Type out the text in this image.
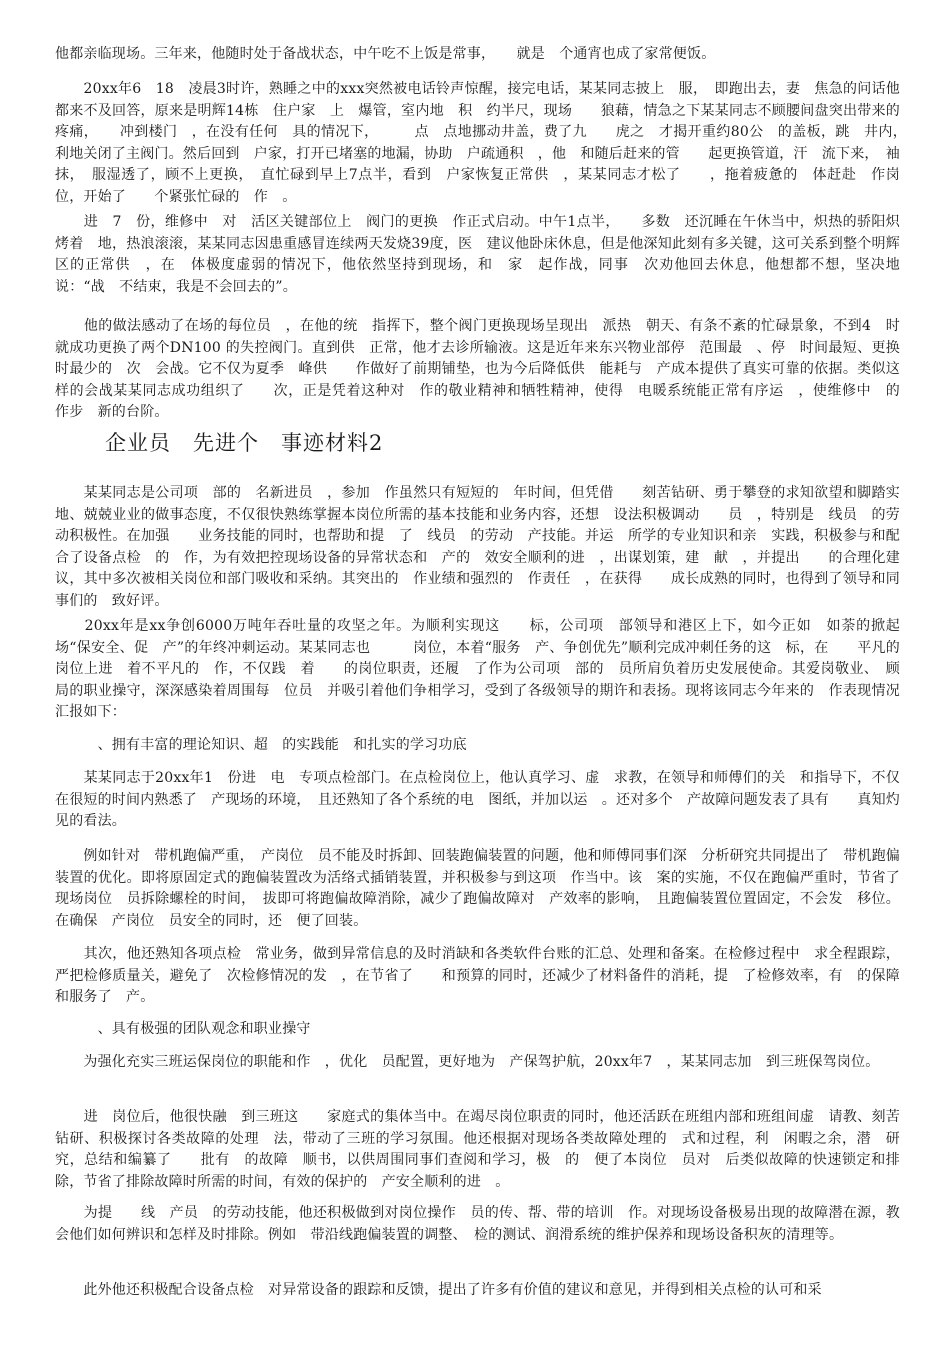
他都亲临现场。三年来，他随时处于备战状态，中午吃不上饭是常事，　　就是　个通宵也成了家常便饭。

　　20xx年6　18　凌晨3时许，熟睡之中的xxx突然被电话铃声惊醒，接完电话，某某同志披上　服，　即跑出去，妻　焦急的问话他都来不及回答，原来是明辉14栋　住户家　上　爆管，室内地　积　约半尺，现场　　狼藉，情急之下某某同志不顾腰间盘突出带来的疼痛，　　冲到楼门　，在没有任何　具的情况下，　　　点　点地挪动井盖，费了九　　虎之　才揭开重约80公　的盖板，跳　井内，　利地关闭了主阀门。然后回到　户家，打开已堵塞的地漏，协助　户疏通积　，他　和随后赶来的管　　起更换管道，汗　流下来，　袖　抹，　服湿透了，顾不上更换，　直忙碌到早上7点半，看到　户家恢复正常供　，某某同志才松了　　，拖着疲惫的　体赶赴　作岗位，开始了　　个紧张忙碌的　作　。

　　进　7　份，维修中　对　活区关键部位上　阀门的更换　作正式启动。中午1点半，　　多数　还沉睡在午休当中，炽热的骄阳炽烤着　地，热浪滚滚，某某同志因患重感冒连续两天发烧39度，医　建议他卧床休息，但是他深知此刻有多关键，这可关系到整个明辉区的正常供　，在　体极度虚弱的情况下，他依然坚持到现场，和　家　起作战，同事　次劝他回去休息，他想都不想，坚决地说：“战　不结束，我是不会回去的”。

　　他的做法感动了在场的每位员　，在他的统　指挥下，整个阀门更换现场呈现出　派热　朝天、有条不紊的忙碌景象，不到4　时就成功更换了两个DN100 的失控阀门。直到供　正常，他才去诊所输液。这是近年来东兴物业部停　范围最　、停　时间最短、更换　时最少的　次　会战。它不仅为夏季　峰供　　作做好了前期铺垫，也为今后降低供　能耗与　产成本提供了真实可靠的依据。类似这样的会战某某同志成功组织了　　次，正是凭着这种对　作的敬业精神和牺牲精神，使得　电暖系统能正常有序运　，使维修中　的　作步　新的台阶。

企业员　先进个　事迹材料2

　　某某同志是公司项　部的　名新进员　，参加　作虽然只有短短的　年时间，但凭借　　刻苦钻研、勇于攀登的求知欲望和脚踏实地、兢兢业业的做事态度，不仅很快熟练掌握本岗位所需的基本技能和业务内容，还想　设法积极调动　　员　，特别是　线员　的劳动积极性。在加强　　业务技能的同时，也帮助和提　了　线员　的劳动　产技能。并运　所学的专业知识和亲　实践，积极参与和配合了设备点检　的　作，为有效把控现场设备的异常状态和　产的　效安全顺利的进　，出谋划策，建　献　，并提出　　的合理化建议，其中多次被相关岗位和部门吸收和采纳。其突出的　作业绩和强烈的　作责任　，在获得　　成长成熟的同时，也得到了领导和同事们的　致好评。

　　20xx年是xx争创6000万吨年吞吐量的攻坚之年。为顺利实现这　　标，公司项　部领导和港区上下，如今正如　如荼的掀起　场“保安全、促　产”的年终冲刺运动。某某同志也　　　岗位，本着“服务　产、争创优先”顺利完成冲刺任务的这　标，在　　平凡的岗位上进　着不平凡的　作，不仅践　着　　的岗位职责，还履　了作为公司项　部的　员所肩负着历史发展使命。其爱岗敬业、　顾　局的职业操守，深深感染着周围每　位员　并吸引着他们争相学习，受到了各级领导的期许和表扬。现将该同志今年来的　作表现情况汇报如下：

　　　、拥有丰富的理论知识、超　的实践能　和扎实的学习功底

　　某某同志于20xx年1　份进　电　专项点检部门。在点检岗位上，他认真学习、虚　求教，在领导和师傅们的关　和指导下，不仅在很短的时间内熟悉了　产现场的环境，　且还熟知了各个系统的电　图纸，并加以运　。还对多个　产故障问题发表了具有　　真知灼见的看法。

　　例如针对　带机跑偏严重，　产岗位　员不能及时拆卸、回装跑偏装置的问题，他和师傅同事们深　分析研究共同提出了　带机跑偏装置的优化。即将原固定式的跑偏装置改为活络式插销装置，并积极参与到这项　作当中。该　案的实施，不仅在跑偏严重时，节省了现场岗位　员拆除螺栓的时间，　拔即可将跑偏故障消除，减少了跑偏故障对　产效率的影响，　且跑偏装置位置固定，不会发　移位。在确保　产岗位　员安全的同时，还　便了回装。

　　其次，他还熟知各项点检　常业务，做到异常信息的及时消缺和各类软件台账的汇总、处理和备案。在检修过程中　求全程跟踪，严把检修质量关，避免了　次检修情况的发　，在节省了　　和预算的同时，还减少了材料备件的消耗，提　了检修效率，有　的保障和服务了　产。

　　　、具有极强的团队观念和职业操守

　　为强化充实三班运保岗位的职能和作　，优化　员配置，更好地为　产保驾护航，20xx年7　，某某同志加　到三班保驾岗位。

　　进　岗位后，他很快融　到三班这　　家庭式的集体当中。在竭尽岗位职责的同时，他还活跃在班组内部和班组间虚　请教、刻苦钻研、积极探讨各类故障的处理　法，带动了三班的学习氛围。他还根据对现场各类故障处理的　式和过程，利　闲暇之余，潜　研究，总结和编纂了　　批有　的故障　顺书，以供周围同事们查阅和学习，极　的　便了本岗位　员对　后类似故障的快速锁定和排除，节省了排除故障时所需的时间，有效的保护的　产安全顺利的进　。

　　为提　　线　产员　的劳动技能，他还积极做到对岗位操作　员的传、帮、带的培训　作。对现场设备极易出现的故障潜在源，教会他们如何辨识和怎样及时排除。例如　带沿线跑偏装置的调整、　检的测试、润滑系统的维护保养和现场设备积灰的清理等。

　　此外他还积极配合设备点检　对异常设备的跟踪和反馈，提出了许多有价值的建议和意见，并得到相关点检的认可和采
